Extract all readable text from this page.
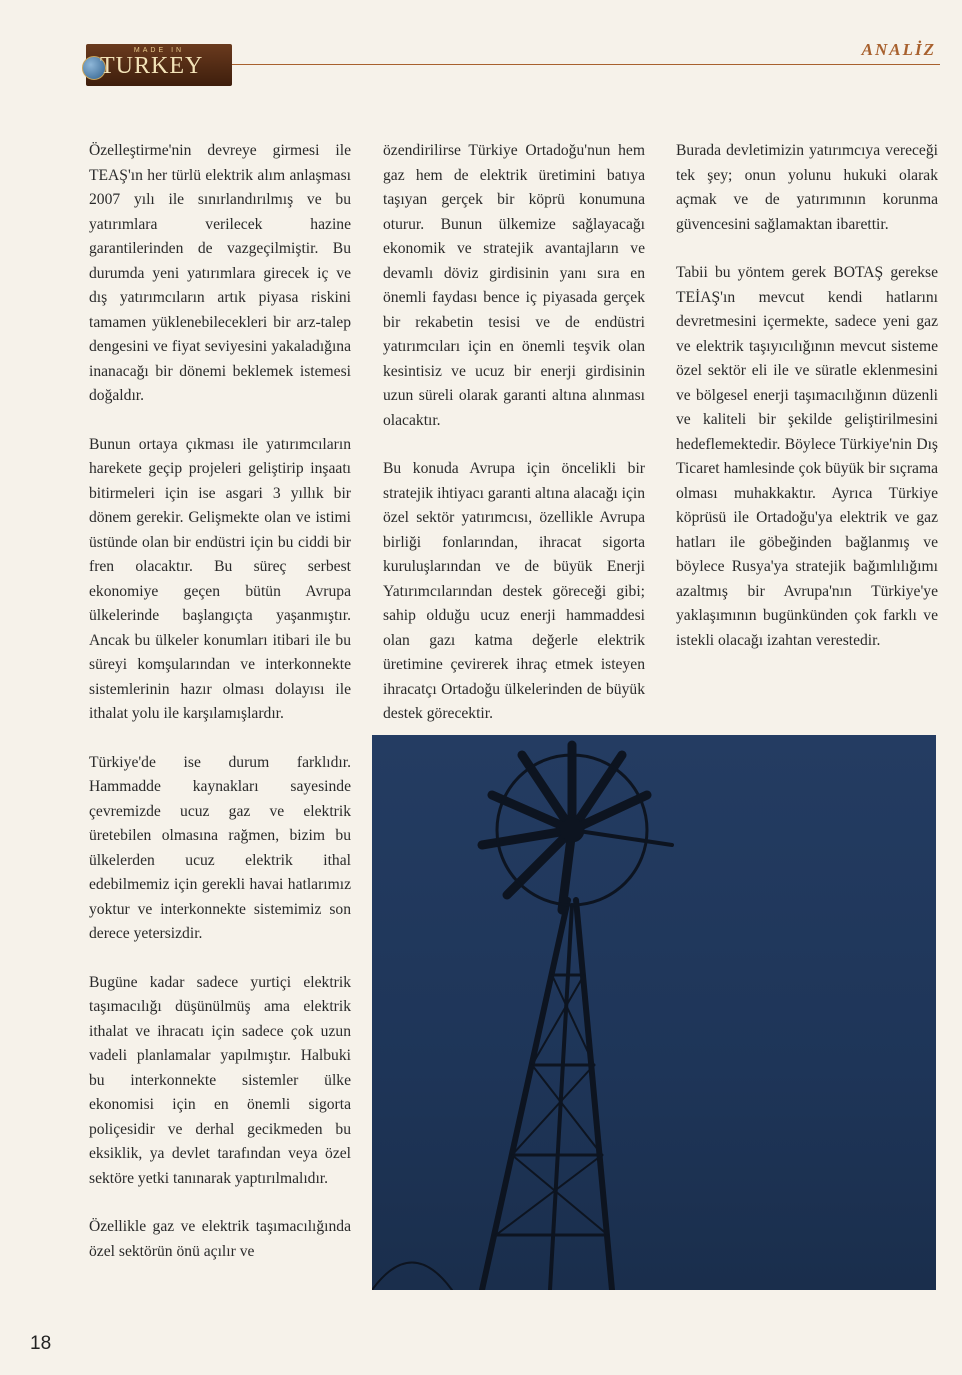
MADE IN
TURKEY
ANALİZ

Özelleştirme'nin devreye girmesi ile TEAŞ'ın her türlü elektrik alım anlaşması 2007 yılı ile sınırlandırılmış ve bu yatırımlara verilecek hazine garantilerinden de vazgeçilmiştir. Bu durumda yeni yatırımlara girecek iç ve dış yatırımcıların artık piyasa riskini tamamen yüklenebilecekleri bir arz-talep dengesini ve fiyat seviyesini yakaladığına inanacağı bir dönemi beklemek istemesi doğaldır.

Bunun ortaya çıkması ile yatırımcıların harekete geçip projeleri geliştirip inşaatı bitirmeleri için ise asgari 3 yıllık bir dönem gerekir. Gelişmekte olan ve istimi üstünde olan bir endüstri için bu ciddi bir fren olacaktır. Bu süreç serbest ekonomiye geçen bütün Avrupa ülkelerinde başlangıçta yaşanmıştır. Ancak bu ülkeler konumları itibari ile bu süreyi komşularından ve interkonnekte sistemlerinin hazır olması dolayısı ile ithalat yolu ile karşılamışlardır.

Türkiye'de ise durum farklıdır. Hammadde kaynakları sayesinde çevremizde ucuz gaz ve elektrik üretebilen olmasına rağmen, bizim bu ülkelerden ucuz elektrik ithal edebilmemiz için gerekli havai hatlarımız yoktur ve interkonnekte sistemimiz son derece yetersizdir.

Bugüne kadar sadece yurtiçi elektrik taşımacılığı düşünülmüş ama elektrik ithalat ve ihracatı için sadece çok uzun vadeli planlamalar yapılmıştır. Halbuki bu interkonnekte sistemler ülke ekonomisi için en önemli sigorta poliçesidir ve derhal gecikmeden bu eksiklik, ya devlet tarafından veya özel sektöre yetki tanınarak yaptırılmalıdır.

Özellikle gaz ve elektrik taşımacılığında özel sektörün önü açılır ve

özendirilirse Türkiye Ortadoğu'nun hem gaz hem de elektrik üretimini batıya taşıyan gerçek bir köprü konumuna oturur. Bunun ülkemize sağlayacağı ekonomik ve stratejik avantajların ve devamlı döviz girdisinin yanı sıra en önemli faydası bence iç piyasada gerçek bir rekabetin tesisi ve de endüstri yatırımcıları için en önemli teşvik olan kesintisiz ve ucuz bir enerji girdisinin uzun süreli olarak garanti altına alınması olacaktır.

Bu konuda Avrupa için öncelikli bir stratejik ihtiyacı garanti altına alacağı için özel sektör yatırımcısı, özellikle Avrupa birliği fonlarından, ihracat sigorta kuruluşlarından ve de büyük Enerji Yatırımcılarından destek göreceği gibi; sahip olduğu ucuz enerji hammaddesi olan gazı katma değerle elektrik üretimine çevirerek ihraç etmek isteyen ihracatçı Ortadoğu ülkelerinden de büyük destek görecektir.

Burada devletimizin yatırımcıya vereceği tek şey; onun yolunu hukuki olarak açmak ve de yatırımının korunma güvencesini sağlamaktan ibarettir.

Tabii bu yöntem gerek BOTAŞ gerekse TEİAŞ'ın mevcut kendi hatlarını devretmesini içermekte, sadece yeni gaz ve elektrik taşıyıcılığının mevcut sisteme özel sektör eli ile ve süratle eklenmesini ve bölgesel enerji taşımacılığının düzenli ve kaliteli bir şekilde geliştirilmesini hedeflemektedir. Böylece Türkiye'nin Dış Ticaret hamlesinde çok büyük bir sıçrama olması muhakkaktır. Ayrıca Türkiye köprüsü ile Ortadoğu'ya elektrik ve gaz hatları ile göbeğinden bağlanmış ve böylece Rusya'ya stratejik bağımlılığımı azaltmış bir Avrupa'nın Türkiye'ye yaklaşımının bugünkünden çok farklı ve istekli olacağı izahtan verestedir.

18
